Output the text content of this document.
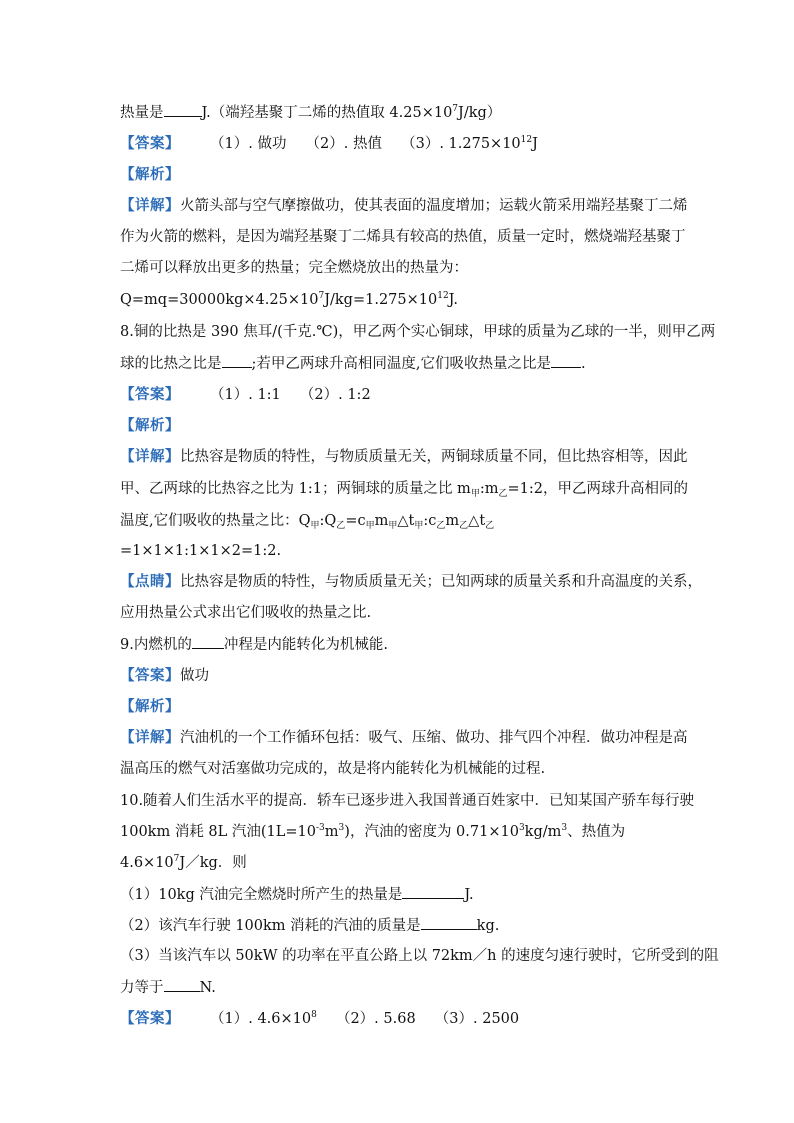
热量是	J.（端羟基聚丁二烯的热值取 $4.25\times 10^7J/kg$）
【答案】 （1）. 做功　 （2）. 热值　 （3）. $1.275\times 10^{12}J$
【解析】
【详解】火箭头部与空气摩擦做功，使其表面的温度增加；运载火箭采用端羟基聚丁二烯
作为火箭的燃料，是因为端羟基聚丁二烯具有较高的热值，质量一定时，燃烧端羟基聚丁
二烯可以释放出更多的热量；完全燃烧放出的热量为：
$Q=mq=30000kg\times 4.25\times 10^7J/kg=1.275\times 10^{12}J$.
8.铜的比热是 390 焦耳/(千克.℃)，甲乙两个实心铜球，甲球的质量为乙球的一半，则甲乙两
球的比热之比是 ;若甲乙两球升高相同温度,它们吸收热量之比是 .
【答案】 （1）. 1:1　 （2）. 1:2
【解析】
【详解】比热容是物质的特性，与物质质量无关，两铜球质量不同，但比热容相等，因此
甲、乙两球的比热容之比为 1:1；两铜球的质量之比 $m_甲:m_乙=1:2$，甲乙两球升高相同的
温度,它们吸收的热量之比：$Q_甲:Q_乙=c_甲m_甲\triangle t_甲:c_乙m_乙\triangle t_乙$
=1×1×1:1×1×2=1:2.
【点睛】比热容是物质的特性，与物质质量无关；已知两球的质量关系和升高温度的关系，
应用热量公式求出它们吸收的热量之比.
9.内燃机的 冲程是内能转化为机械能.
【答案】做功
【解析】
【详解】汽油机的一个工作循环包括：吸气、压缩、做功、排气四个冲程．做功冲程是高
温高压的燃气对活塞做功完成的，故是将内能转化为机械能的过程.
10.随着人们生活水平的提高．轿车已逐步进入我国普通百姓家中．已知某国产骄车每行驶
100km 消耗 8L 汽油$(1L=10^{-3}m^3)$，汽油的密度为 $0.71\times 10^3kg/m^3$、热值为
$4.6\times 10^7J/kg$．则
（1）10kg 汽油完全燃烧时所产生的热量是	J.
（2）该汽车行驶 100km 消耗的汽油的质量是	kg.
（3）当该汽车以 50kW 的功率在平直公路上以 72km／h 的速度匀速行驶时，它所受到的阻
力等于 N.
【答案】 （1）. $4.6\times 10^8$　 （2）. 5.68　 （3）. 2500
